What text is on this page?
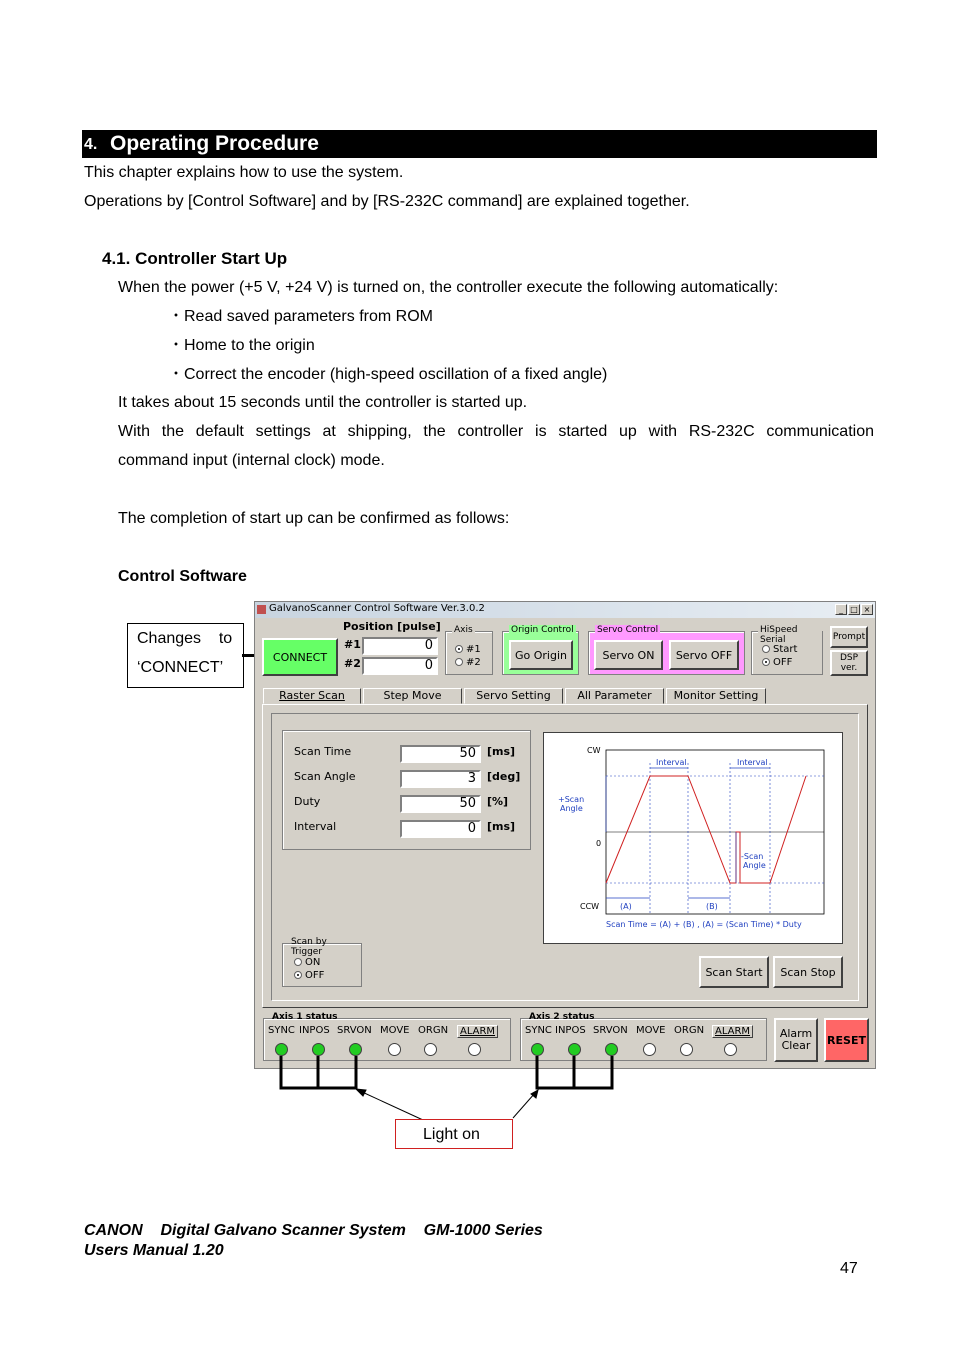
4. Operating Procedure
This chapter explains how to use the system.
Operations by [Control Software] and by [RS-232C command] are explained together.
4.1. Controller Start Up
When the power (+5 V, +24 V) is turned on, the controller execute the following automatically:
・Read saved parameters from ROM
・Home to the origin
・Correct the encoder (high-speed oscillation of a fixed angle)
It takes about 15 seconds until the controller is started up.
With the default settings at shipping, the controller is started up with RS-232C communication
command input (internal clock) mode.
The completion of start up can be confirmed as follows:
Control Software
Changes    to
‘CONNECT’
GalvanoScanner Control Software Ver.3.0.2	_ □ ×
CONNECT
Position [pulse]
#1	0
#2	0
Axis
#1
#2
Origin Control
Go Origin
Servo Control
Servo ON	Servo OFF
HiSpeed Serial
Start
OFF
Prompt
DSP
ver.
Raster Scan	Step Move	Servo Setting	All Parameter	Monitor Setting
Scan Time	50	[ms]
Scan Angle	3	[deg]
Duty	50	[%]
Interval	0	[ms]
CW
0
CCW
+Scan
Angle
-Scan
Angle
Interval	Interval
(A)	(B)
Scan Time = (A) + (B) , (A) = (Scan Time) * Duty
Scan by Trigger
ON
OFF	Scan Start	Scan Stop
Axis 1 status	Axis 2 status
SYNC INPOS SRVON MOVE ORGN	ALARM	SYNC INPOS SRVON MOVE ORGN	ALARM	Alarm
Clear RESET
Light on
CANON    Digital Galvano Scanner System    GM-1000 Series
Users Manual 1.20
47
